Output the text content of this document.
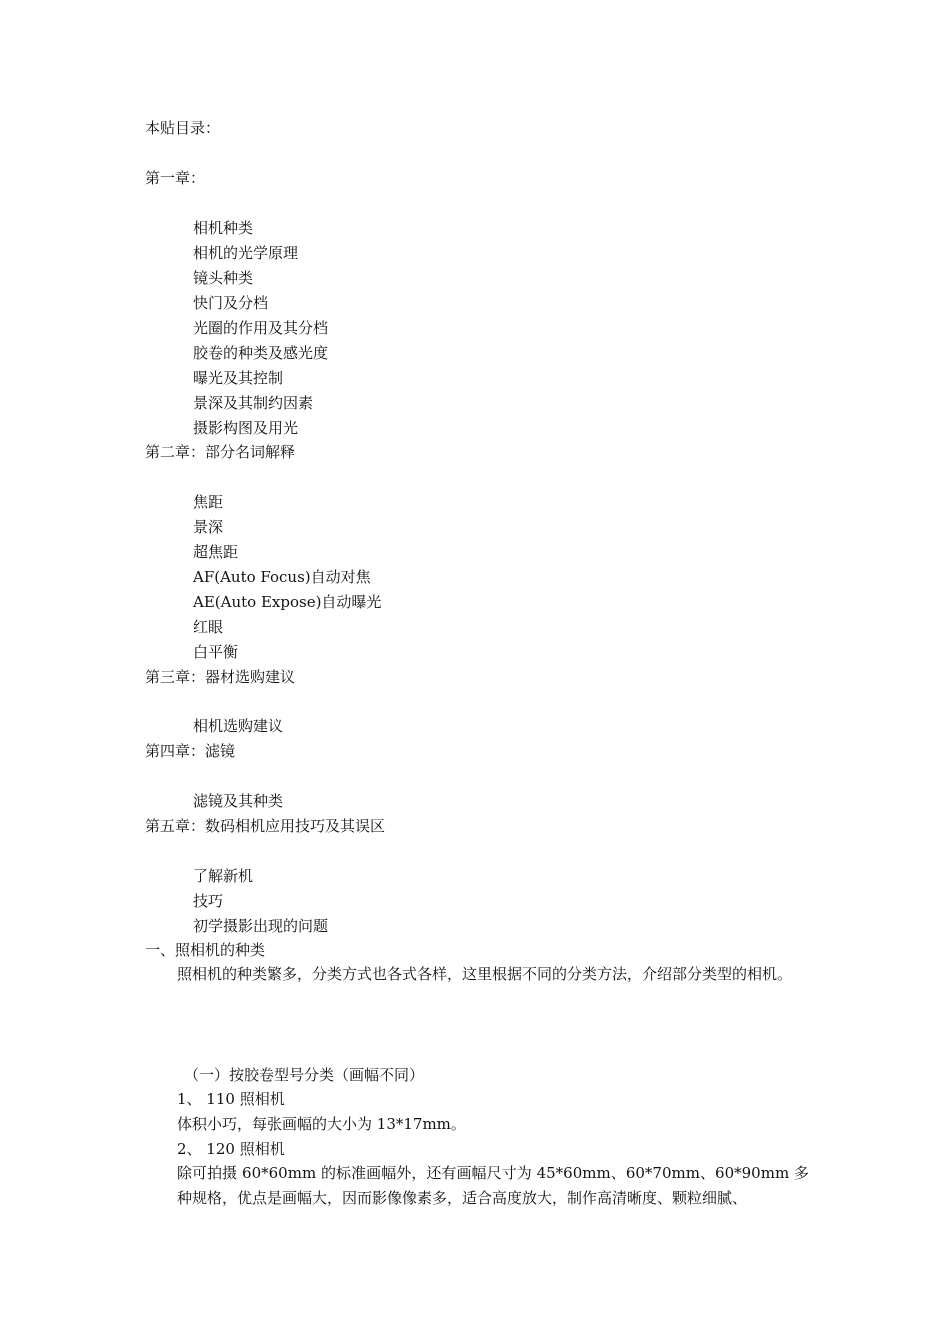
本贴目录：
第一章：
相机种类
相机的光学原理
镜头种类
快门及分档
光圈的作用及其分档
胶卷的种类及感光度
曝光及其控制
景深及其制约因素
摄影构图及用光
第二章：部分名词解释
焦距
景深
超焦距
AF(Auto Focus)自动对焦
AE(Auto Expose)自动曝光
红眼
白平衡
第三章：器材选购建议
相机选购建议
第四章：滤镜
滤镜及其种类
第五章：数码相机应用技巧及其误区
了解新机
技巧
初学摄影出现的问题
一、照相机的种类
照相机的种类繁多，分类方式也各式各样，这里根据不同的分类方法，介绍部分类型的相机。
（一）按胶卷型号分类（画幅不同）
1、 110 照相机
体积小巧，每张画幅的大小为 13*17mm。
2、 120 照相机
除可拍摄 60*60mm 的标准画幅外，还有画幅尺寸为 45*60mm、60*70mm、60*90mm 多种规格，优点是画幅大，因而影像像素多，适合高度放大，制作高清晰度、颗粒细腻、
